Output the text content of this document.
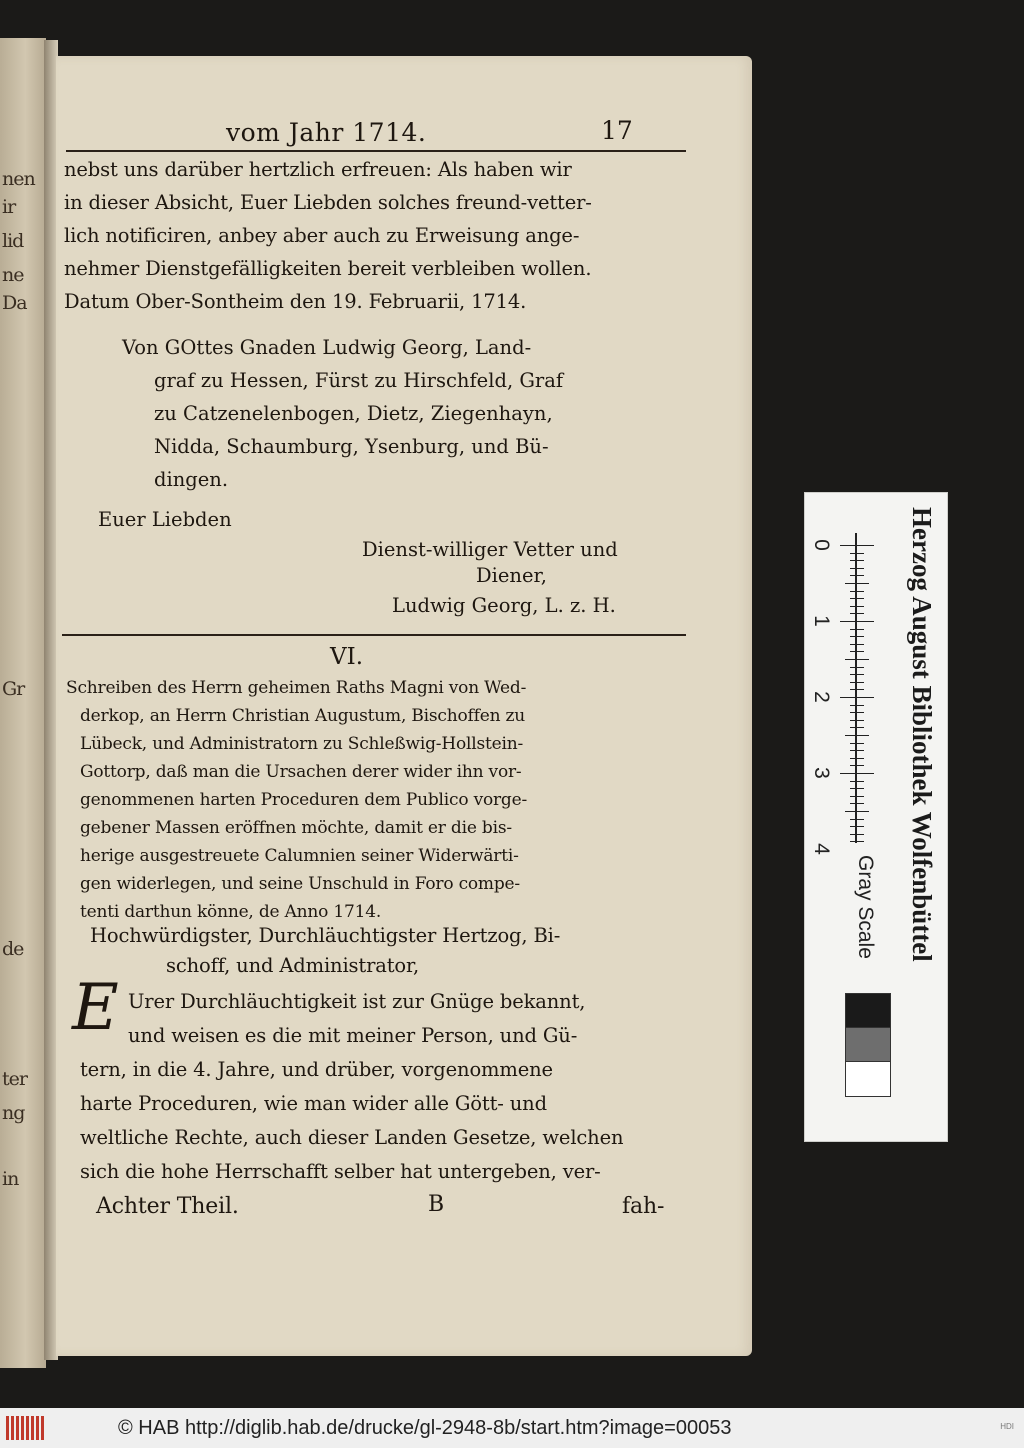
nen
ir
lid
ne
Da
Gr
de
ter
ng
in
vom Jahr 1714.	17
nebst uns darüber hertzlich erfreuen: Als haben wir
in dieser Absicht, Euer Liebden solches freund-vetter-
lich notificiren, anbey aber auch zu Erweisung ange-
nehmer Dienstgefälligkeiten bereit verbleiben wollen.
Datum Ober-Sontheim den 19. Februarii, 1714.
Von GOttes Gnaden Ludwig Georg, Land-
graf zu Hessen, Fürst zu Hirschfeld, Graf
zu Catzenelenbogen, Dietz, Ziegenhayn,
Nidda, Schaumburg, Ysenburg, und Bü-
dingen.
Euer Liebden
Dienst-williger Vetter und
Diener,
Ludwig Georg, L. z. H.
VI.
Schreiben des Herrn geheimen Raths Magni von Wed-
derkop, an Herrn Christian Augustum, Bischoffen zu
Lübeck, und Administratorn zu Schleßwig-Hollstein-
Gottorp, daß man die Ursachen derer wider ihn vor-
genommenen harten Proceduren dem Publico vorge-
gebener Massen eröffnen möchte, damit er die bis-
herige ausgestreuete Calumnien seiner Widerwärti-
gen widerlegen, und seine Unschuld in Foro compe-
tenti darthun könne, de Anno 1714.
Hochwürdigster, Durchläuchtigster Hertzog, Bi-
schoff, und Administrator,
E Urer Durchläuchtigkeit ist zur Gnüge bekannt,
und weisen es die mit meiner Person, und Gü-
tern, in die 4. Jahre, und drüber, vorgenommene
harte Proceduren, wie man wider alle Gött- und
weltliche Rechte, auch dieser Landen Gesetze, welchen
sich die hohe Herrschafft selber hat untergeben, ver-
Achter Theil.	B	fah-
Herzog August Bibliothek Wolfenbüttel
Gray Scale
0
1
2
3
4
© HAB http://diglib.hab.de/drucke/gl-2948-8b/start.htm?image=00053	HDI
